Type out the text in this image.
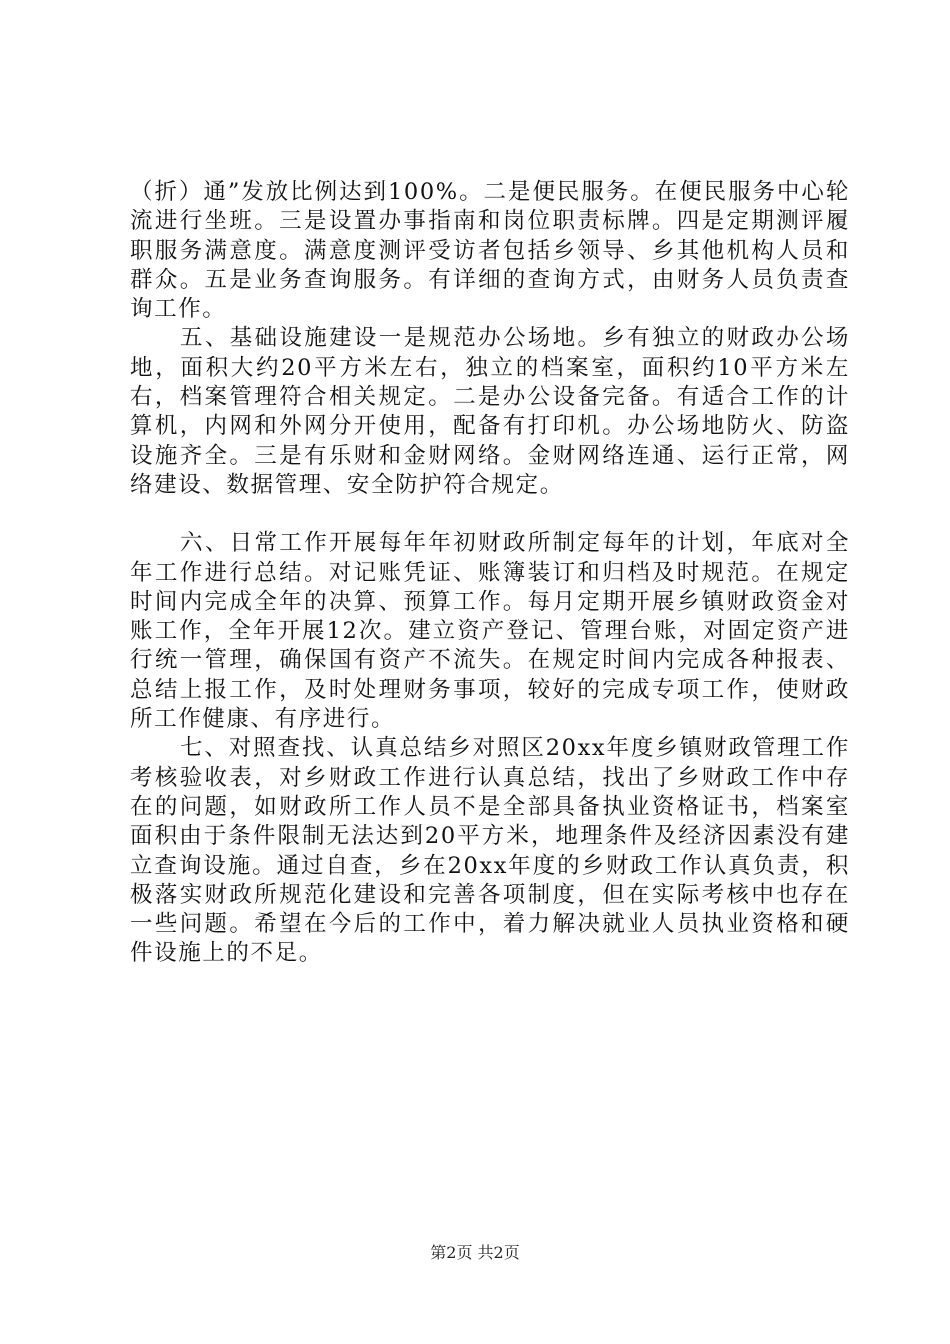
（折）通”发放比例达到100%。二是便民服务。在便民服务中心轮流进行坐班。三是设置办事指南和岗位职责标牌。四是定期测评履职服务满意度。满意度测评受访者包括乡领导、乡其他机构人员和群众。五是业务查询服务。有详细的查询方式，由财务人员负责查询工作。

五、基础设施建设一是规范办公场地。乡有独立的财政办公场地，面积大约20平方米左右，独立的档案室，面积约10平方米左右，档案管理符合相关规定。二是办公设备完备。有适合工作的计算机，内网和外网分开使用，配备有打印机。办公场地防火、防盗设施齐全。三是有乐财和金财网络。金财网络连通、运行正常，网络建设、数据管理、安全防护符合规定。

六、日常工作开展每年年初财政所制定每年的计划，年底对全年工作进行总结。对记账凭证、账簿装订和归档及时规范。在规定时间内完成全年的决算、预算工作。每月定期开展乡镇财政资金对账工作，全年开展12次。建立资产登记、管理台账，对固定资产进行统一管理，确保国有资产不流失。在规定时间内完成各种报表、总结上报工作，及时处理财务事项，较好的完成专项工作，使财政所工作健康、有序进行。

七、对照查找、认真总结乡对照区20xx年度乡镇财政管理工作考核验收表，对乡财政工作进行认真总结，找出了乡财政工作中存在的问题，如财政所工作人员不是全部具备执业资格证书，档案室面积由于条件限制无法达到20平方米，地理条件及经济因素没有建立查询设施。通过自查，乡在20xx年度的乡财政工作认真负责，积极落实财政所规范化建设和完善各项制度，但在实际考核中也存在一些问题。希望在今后的工作中，着力解决就业人员执业资格和硬件设施上的不足。

第2页 共2页
